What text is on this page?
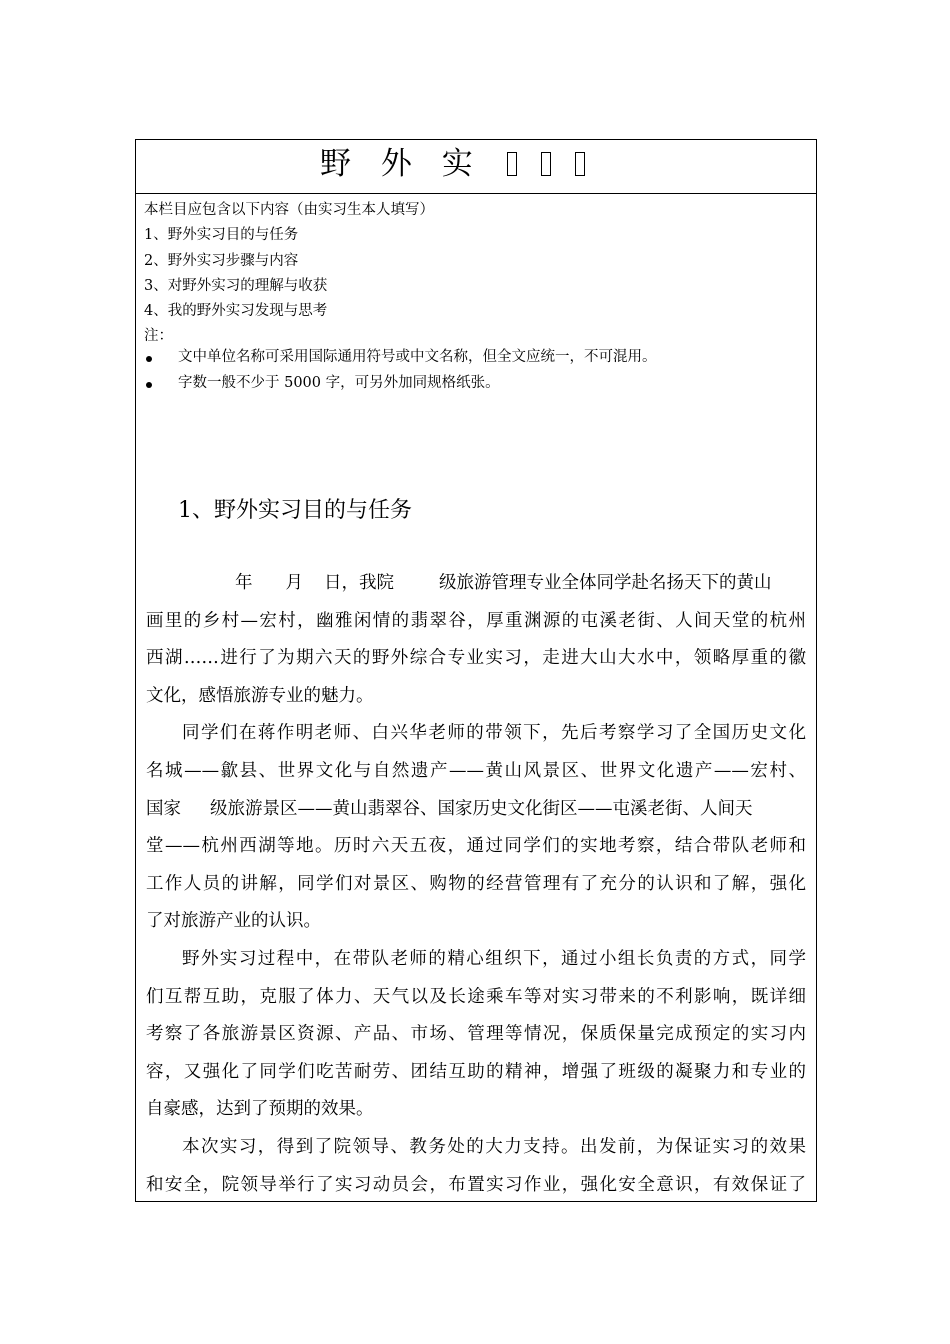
野 外 实
本栏目应包含以下内容（由实习生本人填写）
1、野外实习目的与任务
2、野外实习步骤与内容
3、对野外实习的理解与收获
4、我的野外实习发现与思考
注：
文中单位名称可采用国际通用符号或中文名称，但全文应统一，不可混用。
字数一般不少于 5000 字，可另外加同规格纸张。
1、野外实习目的与任务
年 月 日，我院	级旅游管理专业全体同学赴名扬天下的黄山
画里的乡村—宏村，幽雅闲情的翡翠谷，厚重渊源的屯溪老街、人间天堂的杭州
西湖……进行了为期六天的野外综合专业实习，走进大山大水中，领略厚重的徽
文化，感悟旅游专业的魅力。
同学们在蒋作明老师、白兴华老师的带领下，先后考察学习了全国历史文化
名城——歙县、世界文化与自然遗产——黄山风景区、世界文化遗产——宏村、
国家 级旅游景区——黄山翡翠谷、国家历史文化街区——屯溪老街、人间天
堂——杭州西湖等地。历时六天五夜，通过同学们的实地考察，结合带队老师和
工作人员的讲解，同学们对景区、购物的经营管理有了充分的认识和了解，强化
了对旅游产业的认识。
野外实习过程中，在带队老师的精心组织下，通过小组长负责的方式，同学
们互帮互助，克服了体力、天气以及长途乘车等对实习带来的不利影响，既详细
考察了各旅游景区资源、产品、市场、管理等情况，保质保量完成预定的实习内
容，又强化了同学们吃苦耐劳、团结互助的精神，增强了班级的凝聚力和专业的
自豪感，达到了预期的效果。
本次实习，得到了院领导、教务处的大力支持。出发前，为保证实习的效果
和安全，院领导举行了实习动员会，布置实习作业，强化安全意识，有效保证了
